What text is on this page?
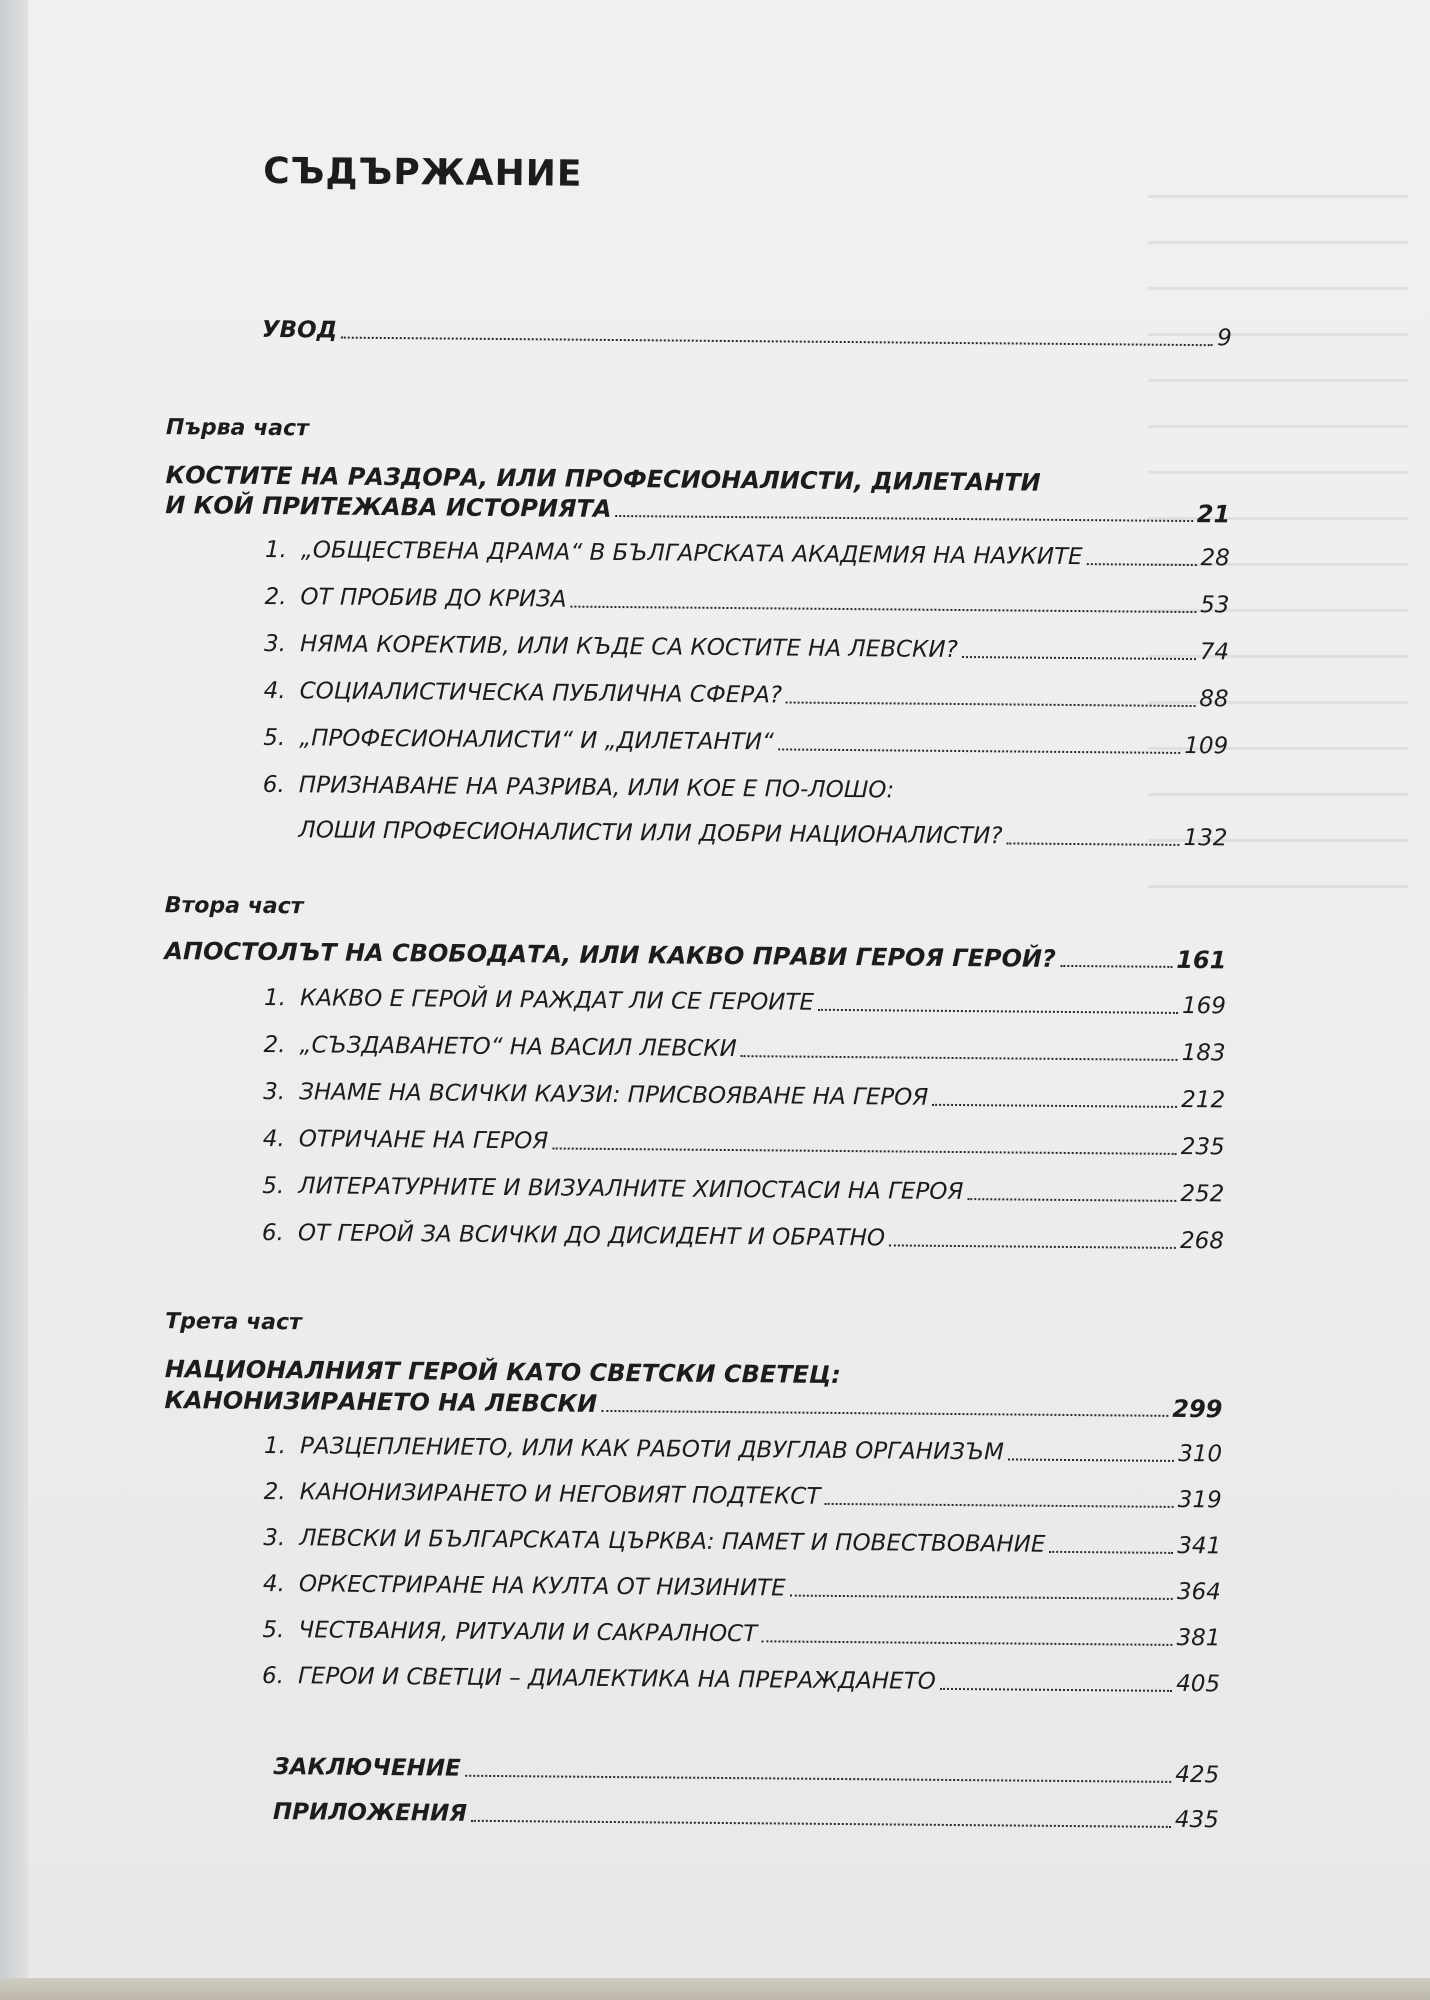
СЪДЪРЖАНИЕ
УВОД	9
Първа част
КОСТИТЕ НА РАЗДОРА, ИЛИ ПРОФЕСИОНАЛИСТИ, ДИЛЕТАНТИ
И КОЙ ПРИТЕЖАВА ИСТОРИЯТА	21
1. „ОБЩЕСТВЕНА ДРАМА“ В БЪЛГАРСКАТА АКАДЕМИЯ НА НАУКИТЕ	28
2. ОТ ПРОБИВ ДО КРИЗА	53
3. НЯМА КОРЕКТИВ, ИЛИ КЪДЕ СА КОСТИТЕ НА ЛЕВСКИ?	74
4. СОЦИАЛИСТИЧЕСКА ПУБЛИЧНА СФЕРА?	88
5. „ПРОФЕСИОНАЛИСТИ“ И „ДИЛЕТАНТИ“	109
6. ПРИЗНАВАНЕ НА РАЗРИВА, ИЛИ КОЕ Е ПО-ЛОШО:
ЛОШИ ПРОФЕСИОНАЛИСТИ ИЛИ ДОБРИ НАЦИОНАЛИСТИ?	132
Втора част
АПОСТОЛЪТ НА СВОБОДАТА, ИЛИ КАКВО ПРАВИ ГЕРОЯ ГЕРОЙ?	161
1. КАКВО Е ГЕРОЙ И РАЖДАТ ЛИ СЕ ГЕРОИТЕ	169
2. „СЪЗДАВАНЕТО“ НА ВАСИЛ ЛЕВСКИ	183
3. ЗНАМЕ НА ВСИЧКИ КАУЗИ: ПРИСВОЯВАНЕ НА ГЕРОЯ	212
4. ОТРИЧАНЕ НА ГЕРОЯ	235
5. ЛИТЕРАТУРНИТЕ И ВИЗУАЛНИТЕ ХИПОСТАСИ НА ГЕРОЯ	252
6. ОТ ГЕРОЙ ЗА ВСИЧКИ ДО ДИСИДЕНТ И ОБРАТНО	268
Трета част
НАЦИОНАЛНИЯТ ГЕРОЙ КАТО СВЕТСКИ СВЕТЕЦ:
КАНОНИЗИРАНЕТО НА ЛЕВСКИ	299
1. РАЗЦЕПЛЕНИЕТО, ИЛИ КАК РАБОТИ ДВУГЛАВ ОРГАНИЗЪМ	310
2. КАНОНИЗИРАНЕТО И НЕГОВИЯТ ПОДТЕКСТ	319
3. ЛЕВСКИ И БЪЛГАРСКАТА ЦЪРКВА: ПАМЕТ И ПОВЕСТВОВАНИЕ	341
4. ОРКЕСТРИРАНЕ НА КУЛТА ОТ НИЗИНИТЕ	364
5. ЧЕСТВАНИЯ, РИТУАЛИ И САКРАЛНОСТ	381
6. ГЕРОИ И СВЕТЦИ – ДИАЛЕКТИКА НА ПРЕРАЖДАНЕТО	405
ЗАКЛЮЧЕНИЕ	425
ПРИЛОЖЕНИЯ	435
